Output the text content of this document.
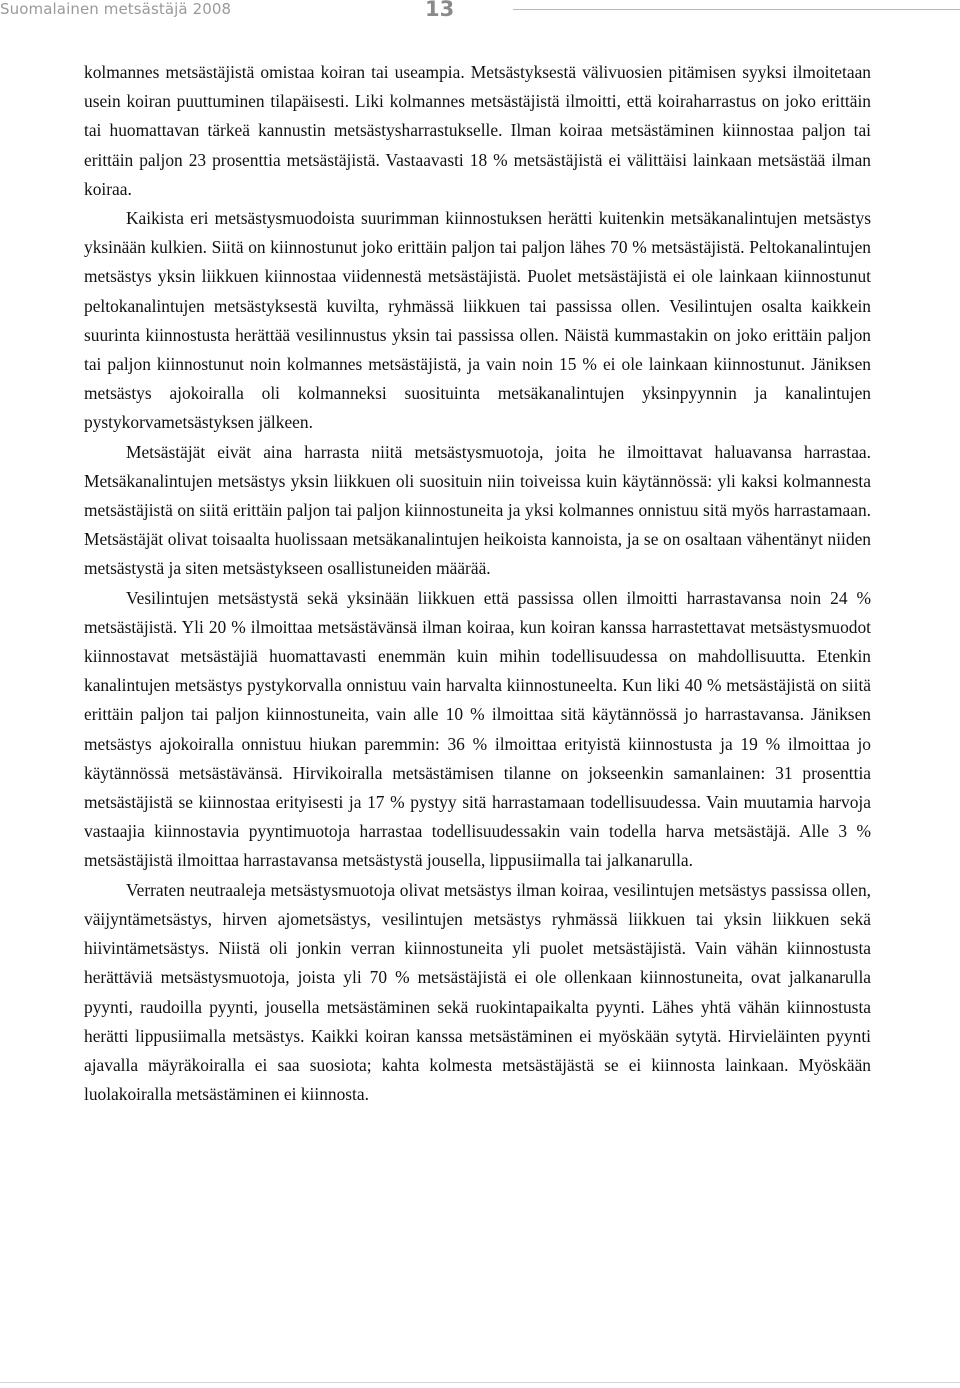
Suomalainen metsästäjä 2008	13

kolmannes metsästäjistä omistaa koiran tai useampia. Metsästyksestä välivuosien pitämisen syyksi ilmoitetaan usein koiran puuttuminen tilapäisesti. Liki kolmannes metsästäjistä ilmoitti, että koiraharrastus on joko erittäin tai huomattavan tärkeä kannustin metsästysharrastukselle. Ilman koiraa metsästäminen kiinnostaa paljon tai erittäin paljon 23 prosenttia metsästäjistä. Vastaavasti 18 % metsästäjistä ei välittäisi lainkaan metsästää ilman koiraa.

Kaikista eri metsästysmuodoista suurimman kiinnostuksen herätti kuitenkin metsäkanalintujen metsästys yksinään kulkien. Siitä on kiinnostunut joko erittäin paljon tai paljon lähes 70 % metsästäjistä. Peltokanalintujen metsästys yksin liikkuen kiinnostaa viidennestä metsästäjistä. Puolet metsästäjistä ei ole lainkaan kiinnostunut peltokanalintujen metsästyksestä kuvilta, ryhmässä liikkuen tai passissa ollen. Vesilintujen osalta kaikkein suurinta kiinnostusta herättää vesilinnustus yksin tai passissa ollen. Näistä kummastakin on joko erittäin paljon tai paljon kiinnostunut noin kolmannes metsästäjistä, ja vain noin 15 % ei ole lainkaan kiinnostunut. Jäniksen metsästys ajokoiralla oli kolmanneksi suosituinta metsäkanalintujen yksinpyynnin ja kanalintujen pystykorvametsästyksen jälkeen.

Metsästäjät eivät aina harrasta niitä metsästysmuotoja, joita he ilmoittavat haluavansa harrastaa. Metsäkanalintujen metsästys yksin liikkuen oli suosituin niin toiveissa kuin käytännössä: yli kaksi kolmannesta metsästäjistä on siitä erittäin paljon tai paljon kiinnostuneita ja yksi kolmannes onnistuu sitä myös harrastamaan. Metsästäjät olivat toisaalta huolissaan metsäkanalintujen heikoista kannoista, ja se on osaltaan vähentänyt niiden metsästystä ja siten metsästykseen osallistuneiden määrää.

Vesilintujen metsästystä sekä yksinään liikkuen että passissa ollen ilmoitti harrastavansa noin 24 % metsästäjistä. Yli 20 % ilmoittaa metsästävänsä ilman koiraa, kun koiran kanssa harrastettavat metsästysmuodot kiinnostavat metsästäjiä huomattavasti enemmän kuin mihin todellisuudessa on mahdollisuutta. Etenkin kanalintujen metsästys pystykorvalla onnistuu vain harvalta kiinnostuneelta. Kun liki 40 % metsästäjistä on siitä erittäin paljon tai paljon kiinnostuneita, vain alle 10 % ilmoittaa sitä käytännössä jo harrastavansa. Jäniksen metsästys ajokoiralla onnistuu hiukan paremmin: 36 % ilmoittaa erityistä kiinnostusta ja 19 % ilmoittaa jo käytännössä metsästävänsä. Hirvikoiralla metsästämisen tilanne on jokseenkin samanlainen: 31 prosenttia metsästäjistä se kiinnostaa erityisesti ja 17 % pystyy sitä harrastamaan todellisuudessa. Vain muutamia harvoja vastaajia kiinnostavia pyyntimuotoja harrastaa todellisuudessakin vain todella harva metsästäjä. Alle 3 % metsästäjistä ilmoittaa harrastavansa metsästystä jousella, lippusiimalla tai jalkanarulla.

Verraten neutraaleja metsästysmuotoja olivat metsästys ilman koiraa, vesilintujen metsästys passissa ollen, väijyntämetsästys, hirven ajometsästys, vesilintujen metsästys ryhmässä liikkuen tai yksin liikkuen sekä hiivintämetsästys. Niistä oli jonkin verran kiinnostuneita yli puolet metsästäjistä. Vain vähän kiinnostusta herättäviä metsästysmuotoja, joista yli 70 % metsästäjistä ei ole ollenkaan kiinnostuneita, ovat jalkanarulla pyynti, raudoilla pyynti, jousella metsästäminen sekä ruokintapaikalta pyynti. Lähes yhtä vähän kiinnostusta herätti lippusiimalla metsästys. Kaikki koiran kanssa metsästäminen ei myöskään sytytä. Hirvieläinten pyynti ajavalla mäyräkoiralla ei saa suosiota; kahta kolmesta metsästäjästä se ei kiinnosta lainkaan. Myöskään luolakoiralla metsästäminen ei kiinnosta.
